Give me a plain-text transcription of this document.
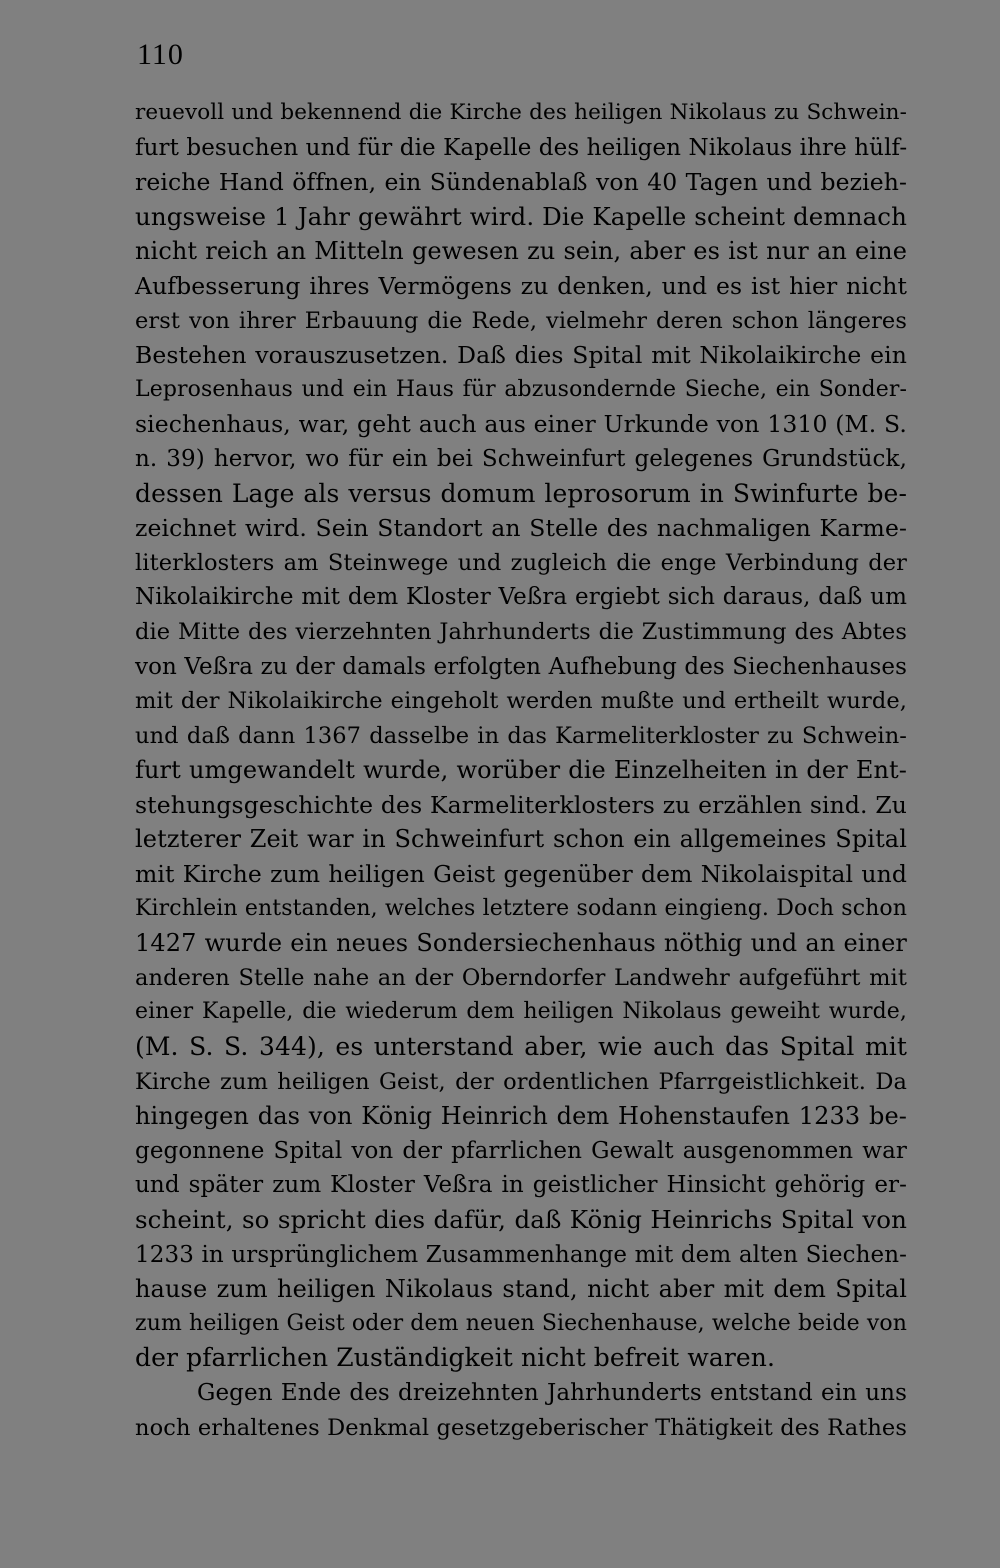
110
reuevoll und bekennend die Kirche des heiligen Nikolaus zu Schwein-
furt besuchen und für die Kapelle des heiligen Nikolaus ihre hülf-
reiche Hand öffnen, ein Sündenablaß von 40 Tagen und bezieh-
ungsweise 1 Jahr gewährt wird. Die Kapelle scheint demnach
nicht reich an Mitteln gewesen zu sein, aber es ist nur an eine
Aufbesserung ihres Vermögens zu denken, und es ist hier nicht
erst von ihrer Erbauung die Rede, vielmehr deren schon längeres
Bestehen vorauszusetzen. Daß dies Spital mit Nikolaikirche ein
Leprosenhaus und ein Haus für abzusondernde Sieche, ein Sonder-
siechenhaus, war, geht auch aus einer Urkunde von 1310 (M. S.
n. 39) hervor, wo für ein bei Schweinfurt gelegenes Grundstück,
dessen Lage als versus domum leprosorum in Swinfurte be-
zeichnet wird. Sein Standort an Stelle des nachmaligen Karme-
literklosters am Steinwege und zugleich die enge Verbindung der
Nikolaikirche mit dem Kloster Veßra ergiebt sich daraus, daß um
die Mitte des vierzehnten Jahrhunderts die Zustimmung des Abtes
von Veßra zu der damals erfolgten Aufhebung des Siechenhauses
mit der Nikolaikirche eingeholt werden mußte und ertheilt wurde,
und daß dann 1367 dasselbe in das Karmeliterkloster zu Schwein-
furt umgewandelt wurde, worüber die Einzelheiten in der Ent-
stehungsgeschichte des Karmeliterklosters zu erzählen sind. Zu
letzterer Zeit war in Schweinfurt schon ein allgemeines Spital
mit Kirche zum heiligen Geist gegenüber dem Nikolaispital und
Kirchlein entstanden, welches letztere sodann eingieng. Doch schon
1427 wurde ein neues Sondersiechenhaus nöthig und an einer
anderen Stelle nahe an der Oberndorfer Landwehr aufgeführt mit
einer Kapelle, die wiederum dem heiligen Nikolaus geweiht wurde,
(M. S. S. 344), es unterstand aber, wie auch das Spital mit
Kirche zum heiligen Geist, der ordentlichen Pfarrgeistlichkeit. Da
hingegen das von König Heinrich dem Hohenstaufen 1233 be-
gegonnene Spital von der pfarrlichen Gewalt ausgenommen war
und später zum Kloster Veßra in geistlicher Hinsicht gehörig er-
scheint, so spricht dies dafür, daß König Heinrichs Spital von
1233 in ursprünglichem Zusammenhange mit dem alten Siechen-
hause zum heiligen Nikolaus stand, nicht aber mit dem Spital
zum heiligen Geist oder dem neuen Siechenhause, welche beide von
der pfarrlichen Zuständigkeit nicht befreit waren.
Gegen Ende des dreizehnten Jahrhunderts entstand ein uns
noch erhaltenes Denkmal gesetzgeberischer Thätigkeit des Rathes
